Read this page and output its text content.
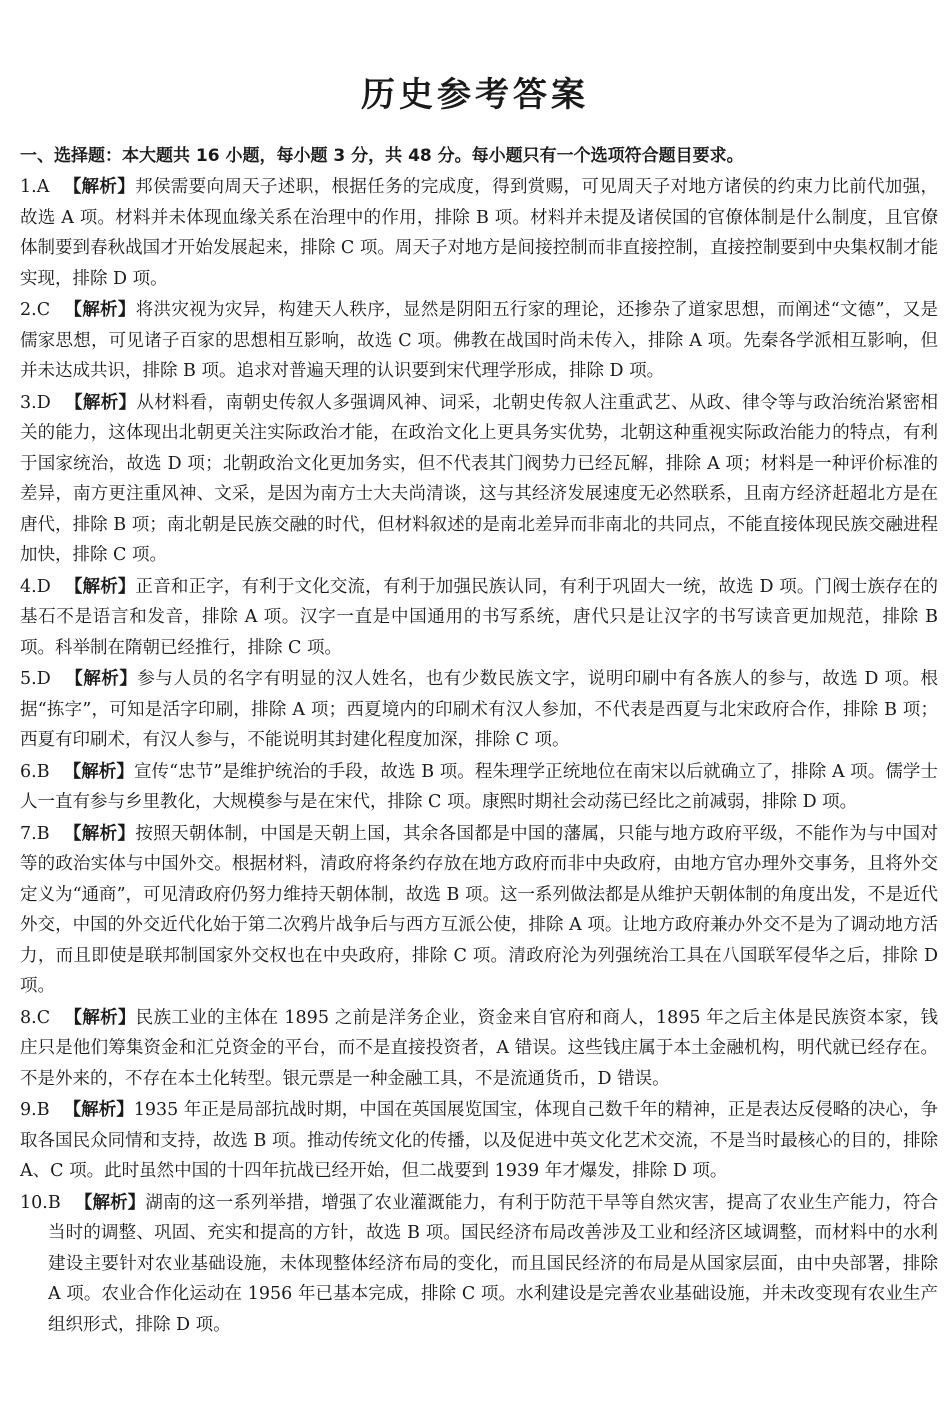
历史参考答案
一、选择题：本大题共 16 小题，每小题 3 分，共 48 分。每小题只有一个选项符合题目要求。

1.A 【解析】邦侯需要向周天子述职，根据任务的完成度，得到赏赐，可见周天子对地方诸侯的约束力比前代加强，故选 A 项。材料并未体现血缘关系在治理中的作用，排除 B 项。材料并未提及诸侯国的官僚体制是什么制度，且官僚体制要到春秋战国才开始发展起来，排除 C 项。周天子对地方是间接控制而非直接控制，直接控制要到中央集权制才能实现，排除 D 项。

2.C 【解析】将洪灾视为灾异，构建天人秩序，显然是阴阳五行家的理论，还掺杂了道家思想，而阐述“文德”，又是儒家思想，可见诸子百家的思想相互影响，故选 C 项。佛教在战国时尚未传入，排除 A 项。先秦各学派相互影响，但并未达成共识，排除 B 项。追求对普遍天理的认识要到宋代理学形成，排除 D 项。

3.D 【解析】从材料看，南朝史传叙人多强调风神、词采，北朝史传叙人注重武艺、从政、律令等与政治统治紧密相关的能力，这体现出北朝更关注实际政治才能，在政治文化上更具务实优势，北朝这种重视实际政治能力的特点，有利于国家统治，故选 D 项；北朝政治文化更加务实，但不代表其门阀势力已经瓦解，排除 A 项；材料是一种评价标准的差异，南方更注重风神、文采，是因为南方士大夫尚清谈，这与其经济发展速度无必然联系，且南方经济赶超北方是在唐代，排除 B 项；南北朝是民族交融的时代，但材料叙述的是南北差异而非南北的共同点，不能直接体现民族交融进程加快，排除 C 项。

4.D 【解析】正音和正字，有利于文化交流，有利于加强民族认同，有利于巩固大一统，故选 D 项。门阀士族存在的基石不是语言和发音，排除 A 项。汉字一直是中国通用的书写系统，唐代只是让汉字的书写读音更加规范，排除 B 项。科举制在隋朝已经推行，排除 C 项。

5.D 【解析】参与人员的名字有明显的汉人姓名，也有少数民族文字，说明印刷中有各族人的参与，故选 D 项。根据“拣字”，可知是活字印刷，排除 A 项；西夏境内的印刷术有汉人参加，不代表是西夏与北宋政府合作，排除 B 项；西夏有印刷术，有汉人参与，不能说明其封建化程度加深，排除 C 项。

6.B 【解析】宣传“忠节”是维护统治的手段，故选 B 项。程朱理学正统地位在南宋以后就确立了，排除 A 项。儒学士人一直有参与乡里教化，大规模参与是在宋代，排除 C 项。康熙时期社会动荡已经比之前减弱，排除 D 项。

7.B 【解析】按照天朝体制，中国是天朝上国，其余各国都是中国的藩属，只能与地方政府平级，不能作为与中国对等的政治实体与中国外交。根据材料，清政府将条约存放在地方政府而非中央政府，由地方官办理外交事务，且将外交定义为“通商”，可见清政府仍努力维持天朝体制，故选 B 项。这一系列做法都是从维护天朝体制的角度出发，不是近代外交，中国的外交近代化始于第二次鸦片战争后与西方互派公使，排除 A 项。让地方政府兼办外交不是为了调动地方活力，而且即使是联邦制国家外交权也在中央政府，排除 C 项。清政府沦为列强统治工具在八国联军侵华之后，排除 D 项。

8.C 【解析】民族工业的主体在 1895 之前是洋务企业，资金来自官府和商人，1895 年之后主体是民族资本家，钱庄只是他们筹集资金和汇兑资金的平台，而不是直接投资者，A 错误。这些钱庄属于本土金融机构，明代就已经存在。不是外来的，不存在本土化转型。银元票是一种金融工具，不是流通货币，D 错误。

9.B 【解析】1935 年正是局部抗战时期，中国在英国展览国宝，体现自己数千年的精神，正是表达反侵略的决心，争取各国民众同情和支持，故选 B 项。推动传统文化的传播，以及促进中英文化艺术交流，不是当时最核心的目的，排除 A、C 项。此时虽然中国的十四年抗战已经开始，但二战要到 1939 年才爆发，排除 D 项。

10.B 【解析】湖南的这一系列举措，增强了农业灌溉能力，有利于防范干旱等自然灾害，提高了农业生产能力，符合当时的调整、巩固、充实和提高的方针，故选 B 项。国民经济布局改善涉及工业和经济区域调整，而材料中的水利建设主要针对农业基础设施，未体现整体经济布局的变化，而且国民经济的布局是从国家层面，由中央部署，排除 A 项。农业合作化运动在 1956 年已基本完成，排除 C 项。水利建设是完善农业基础设施，并未改变现有农业生产组织形式，排除 D 项。
